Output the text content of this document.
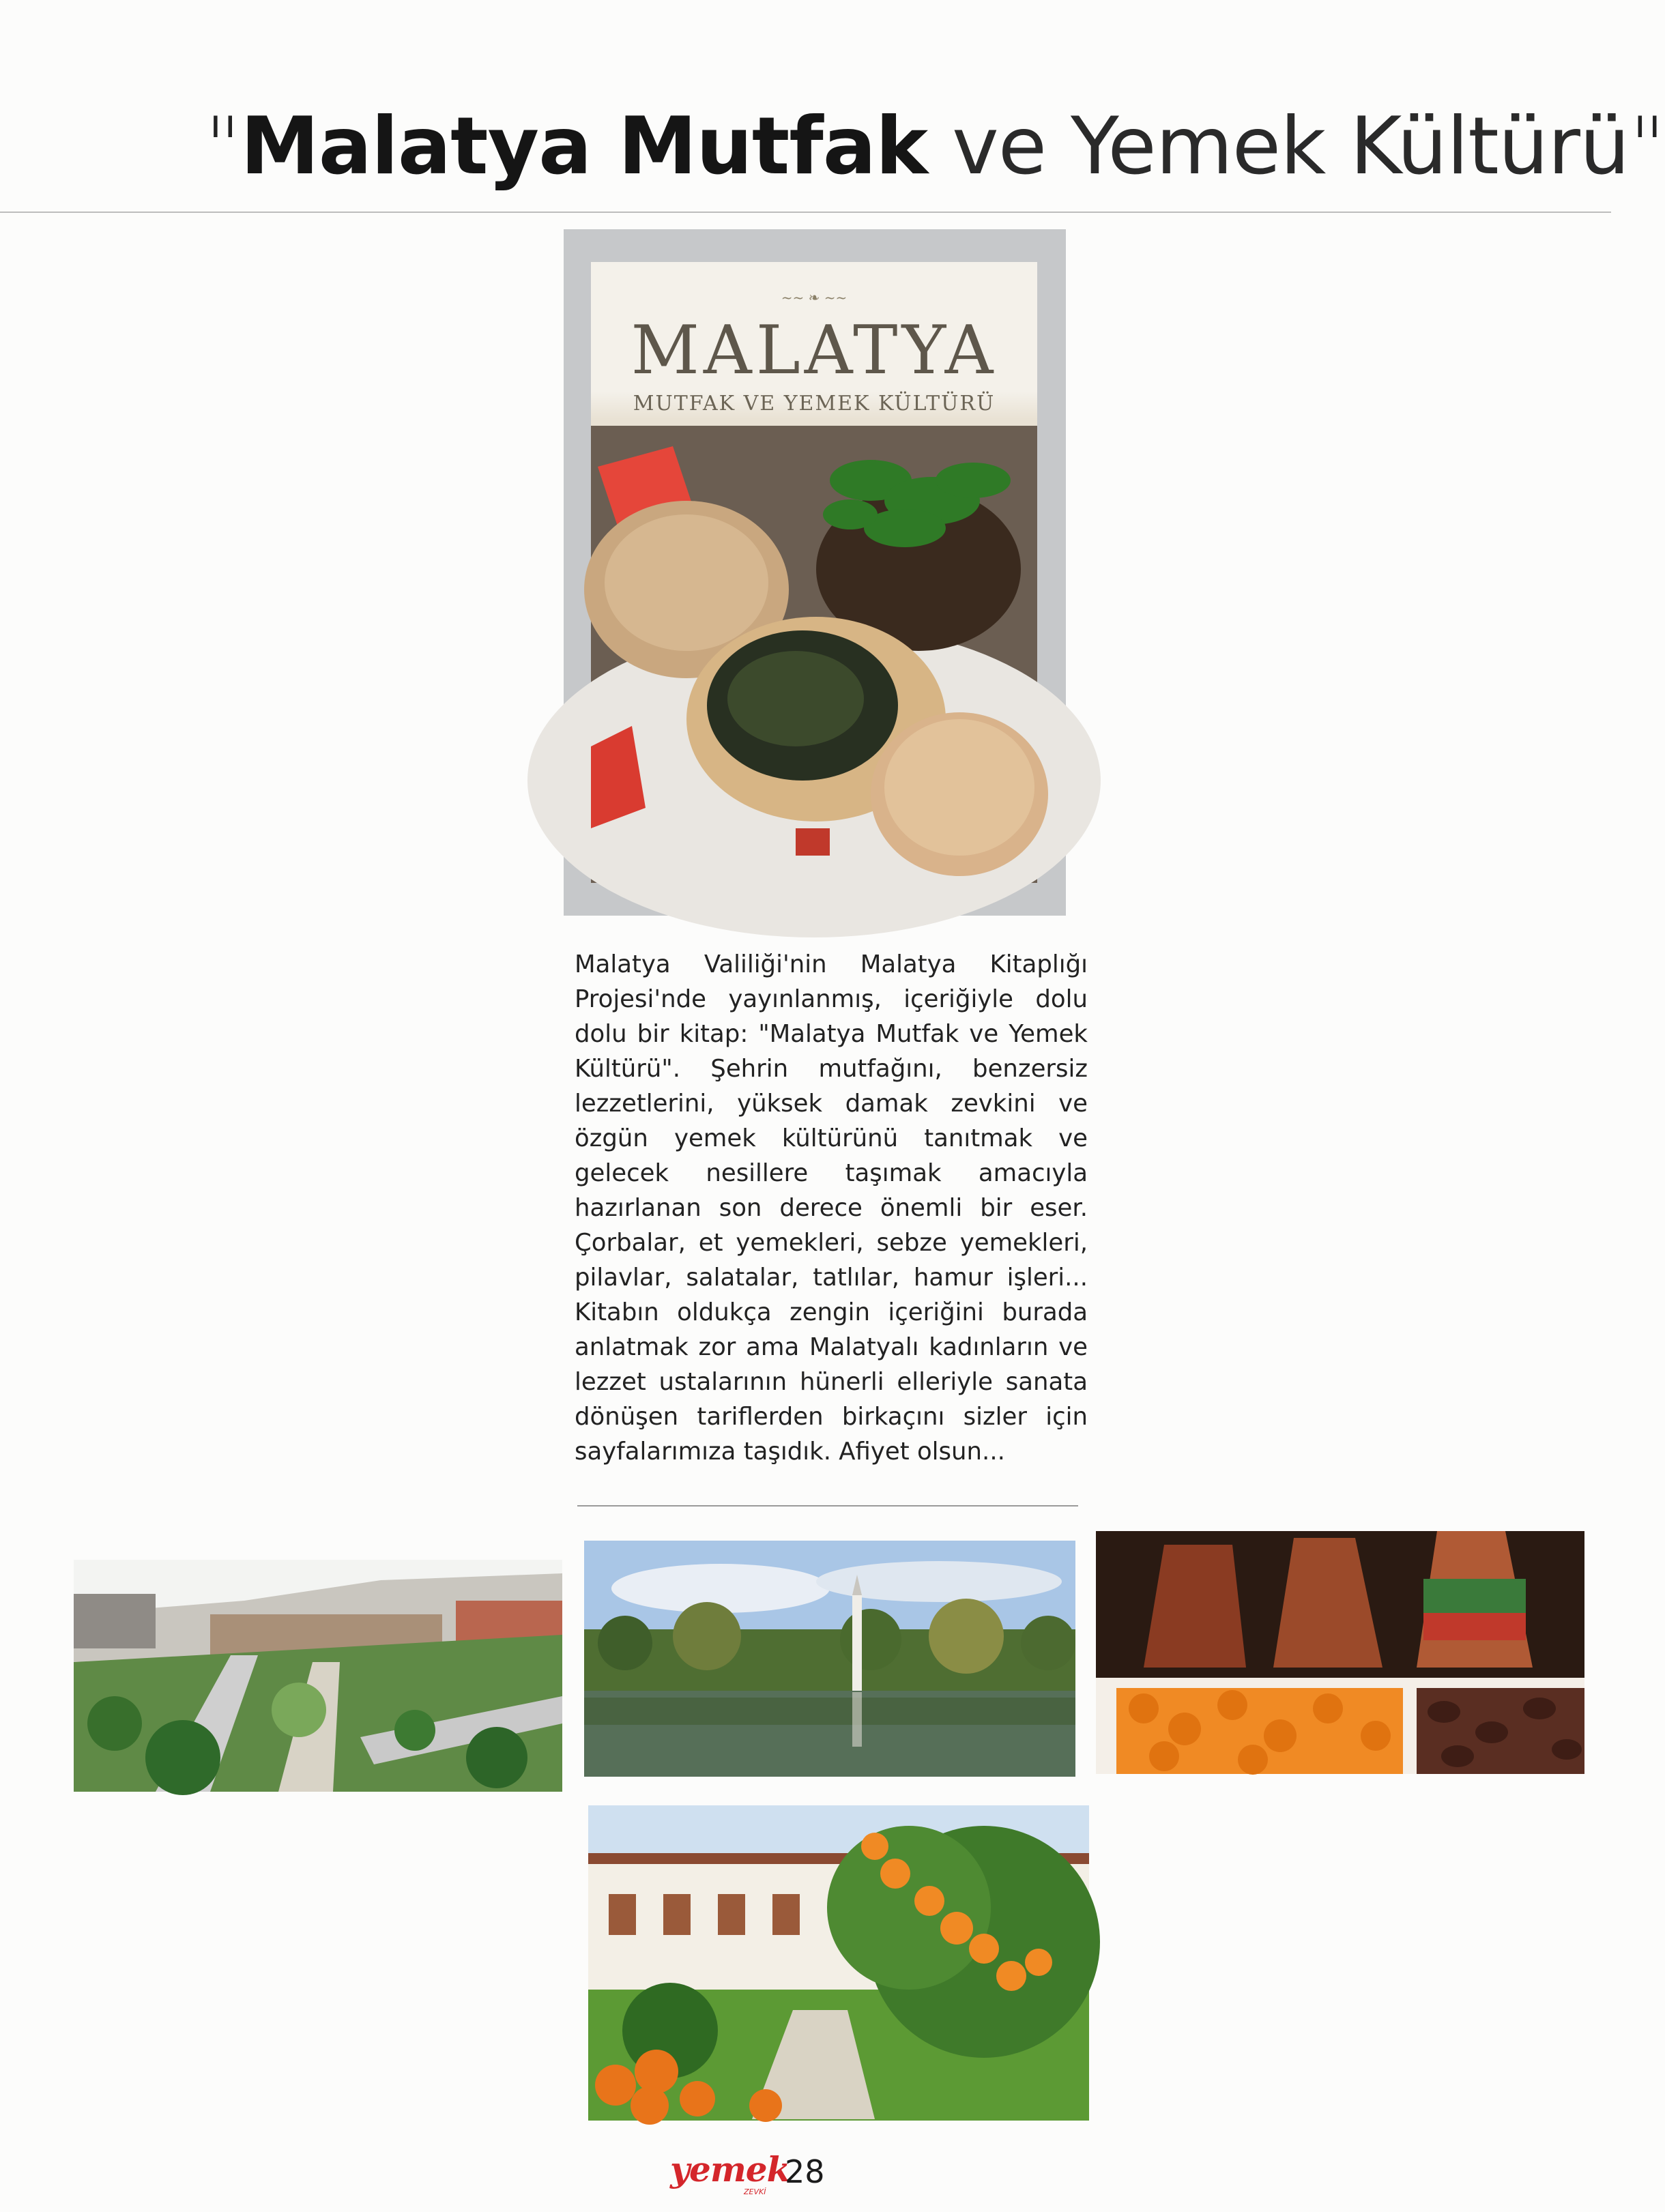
"Malatya Mutfak ve Yemek Kültürü"
~~ ❧ ~~
MALATYA
MUTFAK VE YEMEK KÜLTÜRÜ
Malatya Valiliği'nin Malatya Kitaplığı Projesi'nde yayınlanmış, içeriğiyle dolu dolu bir kitap: "Malatya Mutfak ve Yemek Kültürü". Şehrin mutfağını, benzersiz lezzetlerini, yüksek damak zevkini ve özgün yemek kültürünü tanıtmak ve gelecek nesillere taşımak amacıyla hazırlanan son derece önemli bir eser. Çorbalar, et yemekleri, sebze yemekleri, pilavlar, salatalar, tatlılar, hamur işleri... Kitabın oldukça zengin içeriğini burada anlatmak zor ama Malatyalı kadınların ve lezzet ustalarının hünerli elleriyle sanata dönüşen tariflerden birkaçını sizler için sayfalarımıza taşıdık. Afiyet olsun...
yemek
ZEVKİ
28
